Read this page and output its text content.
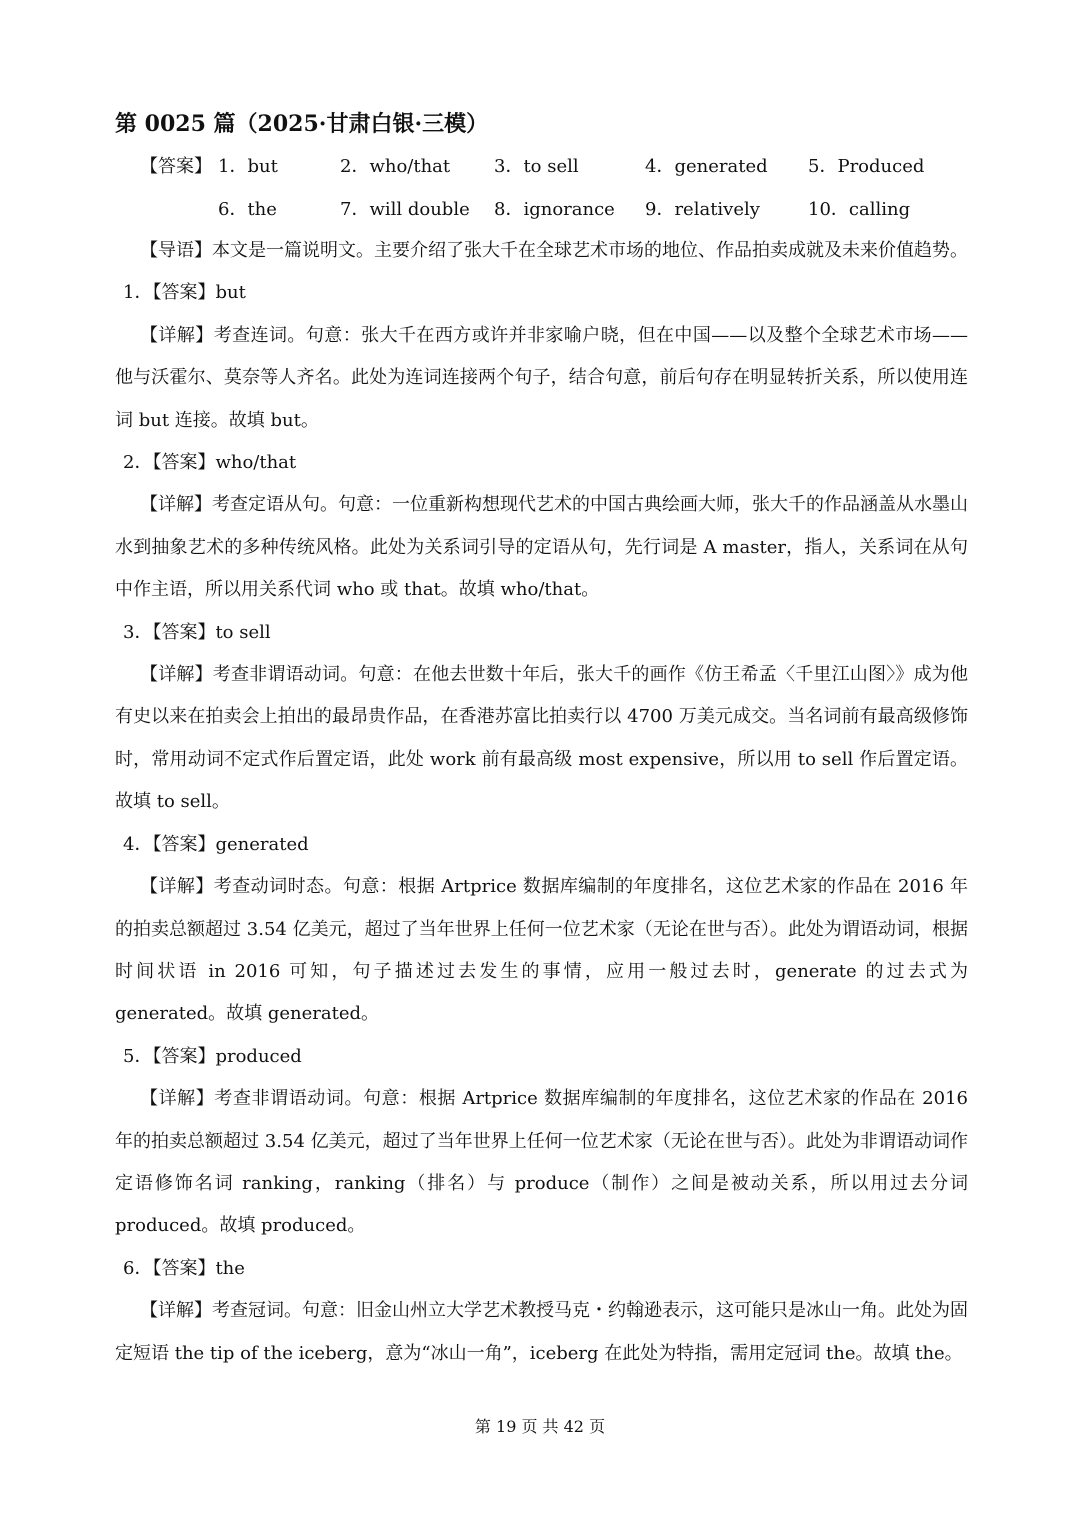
第 0025 篇（2025·甘肃白银·三模）
【答案】 1．but	2．who/that 3．to sell	4．generated 5．Produced
6．the	7．will double 8．ignorance 9．relatively	10．calling

【导语】本文是一篇说明文。主要介绍了张大千在全球艺术市场的地位、作品拍卖成就及未来价值趋势。

1．【答案】but

【详解】考查连词。句意：张大千在西方或许并非家喻户晓，但在中国——以及整个全球艺术市场—— 他与沃霍尔、莫奈等人齐名。此处为连词连接两个句子，结合句意，前后句存在明显转折关系，所以使用连词 but 连接。故填 but。

2．【答案】who/that

【详解】考查定语从句。句意：一位重新构想现代艺术的中国古典绘画大师，张大千的作品涵盖从水墨山水到抽象艺术的多种传统风格。此处为关系词引导的定语从句，先行词是 A master，指人，关系词在从句中作主语，所以用关系代词 who 或 that。故填 who/that。

3．【答案】to sell

【详解】考查非谓语动词。句意：在他去世数十年后，张大千的画作《仿王希孟〈千里江山图〉》成为他有史以来在拍卖会上拍出的最昂贵作品，在香港苏富比拍卖行以 4700 万美元成交。当名词前有最高级修饰时，常用动词不定式作后置定语，此处 work 前有最高级 most expensive，所以用 to sell 作后置定语。故填 to sell。

4．【答案】generated

【详解】考查动词时态。句意：根据 Artprice 数据库编制的年度排名，这位艺术家的作品在 2016 年的拍卖总额超过 3.54 亿美元，超过了当年世界上任何一位艺术家（无论在世与否）。此处为谓语动词，根据时间状语 in 2016 可知，句子描述过去发生的事情，应用一般过去时，generate 的过去式为 generated。故填 generated。

5．【答案】produced

【详解】考查非谓语动词。句意：根据 Artprice 数据库编制的年度排名，这位艺术家的作品在 2016 年的拍卖总额超过 3.54 亿美元，超过了当年世界上任何一位艺术家（无论在世与否）。此处为非谓语动词作定语修饰名词 ranking，ranking（排名）与 produce（制作）之间是被动关系，所以用过去分词 produced。故填 produced。

6．【答案】the

【详解】考查冠词。句意：旧金山州立大学艺术教授马克・约翰逊表示，这可能只是冰山一角。此处为固定短语 the tip of the iceberg，意为“冰山一角”，iceberg 在此处为特指，需用定冠词 the。故填 the。

第 19 页 共 42 页
